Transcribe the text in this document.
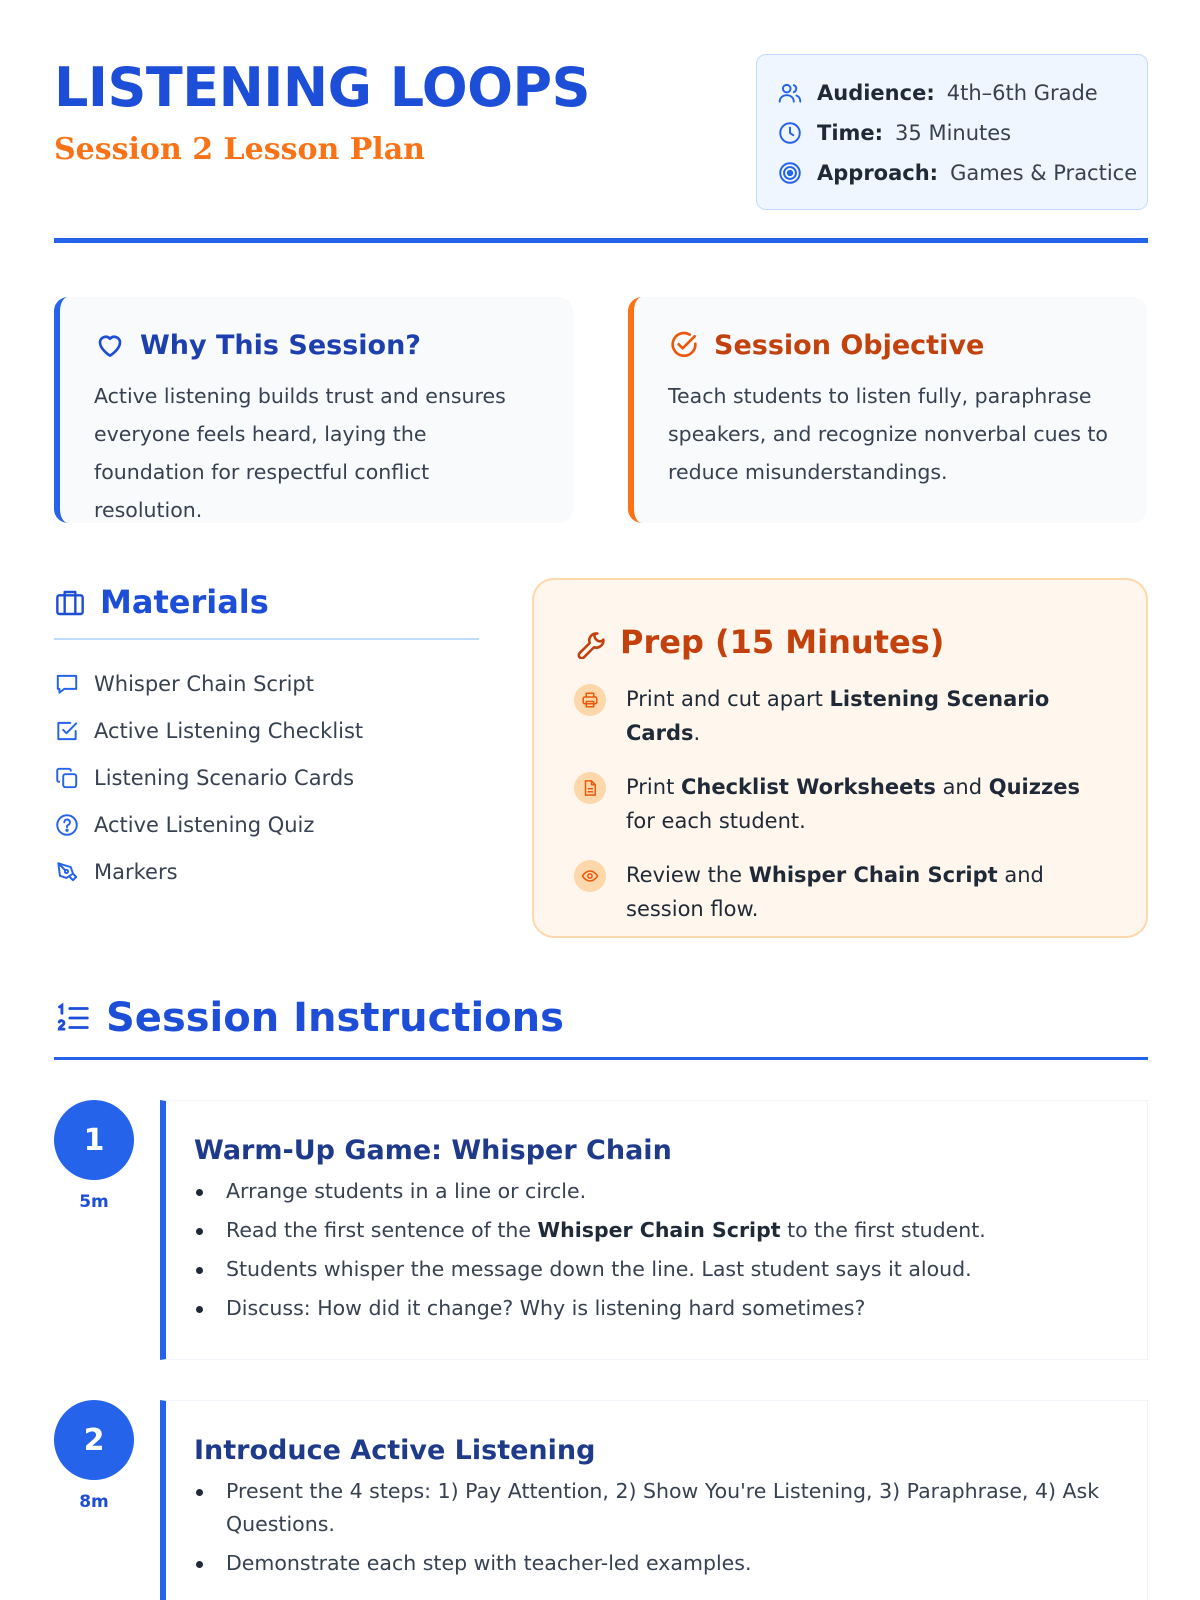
LISTENING LOOPS
Session 2 Lesson Plan
Audience: 4th–6th Grade
Time: 35 Minutes
Approach: Games & Practice
Why This Session?

Active listening builds trust and ensures everyone feels heard, laying the foundation for respectful conflict resolution.

Session Objective

Teach students to listen fully, paraphrase speakers, and recognize nonverbal cues to reduce misunderstandings.

Materials
Whisper Chain Script
Active Listening Checklist
Listening Scenario Cards
Active Listening Quiz
Markers
Prep (15 Minutes)
Print and cut apart Listening Scenario Cards.
Print Checklist Worksheets and Quizzes for each student.
Review the Whisper Chain Script and session flow.
Session Instructions
1
5m
Warm-Up Game: Whisper Chain
Arrange students in a line or circle.
Read the first sentence of the Whisper Chain Script to the first student.
Students whisper the message down the line. Last student says it aloud.
Discuss: How did it change? Why is listening hard sometimes?
2
8m
Introduce Active Listening
Present the 4 steps: 1) Pay Attention, 2) Show You're Listening, 3) Paraphrase, 4) Ask Questions.
Demonstrate each step with teacher-led examples.
